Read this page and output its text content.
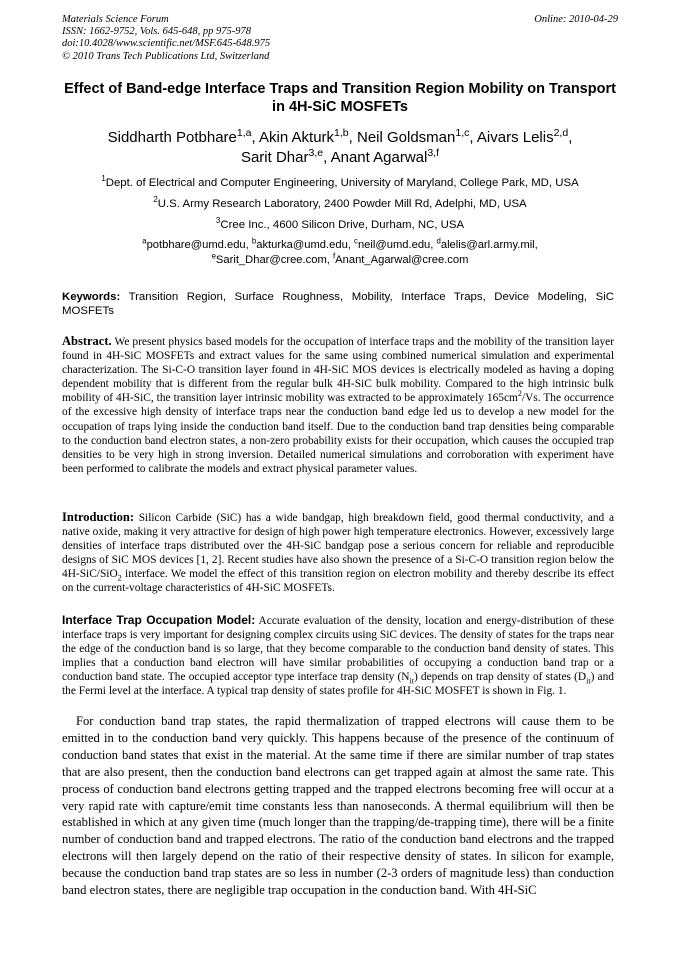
Materials Science Forum
ISSN: 1662-9752, Vols. 645-648, pp 975-978
doi:10.4028/www.scientific.net/MSF.645-648.975
© 2010 Trans Tech Publications Ltd, Switzerland
Online: 2010-04-29
Effect of Band-edge Interface Traps and Transition Region Mobility on Transport in 4H-SiC MOSFETs
Siddharth Potbhare$^{1,a}$, Akin Akturk$^{1,b}$, Neil Goldsman$^{1,c}$, Aivars Lelis$^{2,d}$,
Sarit Dhar$^{3,e}$, Anant Agarwal$^{3,f}$
$^1$Dept. of Electrical and Computer Engineering, University of Maryland, College Park, MD, USA
$^2$U.S. Army Research Laboratory, 2400 Powder Mill Rd, Adelphi, MD, USA
$^3$Cree Inc., 4600 Silicon Drive, Durham, NC, USA
$^a$potbhare@umd.edu, $^b$akturka@umd.edu, $^c$neil@umd.edu, $^d$alelis@arl.army.mil,
$^e$Sarit_Dhar@cree.com, $^f$Anant_Agarwal@cree.com
Keywords: Transition Region, Surface Roughness, Mobility, Interface Traps, Device Modeling, SiC MOSFETs

Abstract. We present physics based models for the occupation of interface traps and the mobility of the transition layer found in 4H-SiC MOSFETs and extract values for the same using combined numerical simulation and experimental characterization. The Si-C-O transition layer found in 4H-SiC MOS devices is electrically modeled as having a doping dependent mobility that is different from the regular bulk 4H-SiC bulk mobility. Compared to the high intrinsic bulk mobility of 4H-SiC, the transition layer intrinsic mobility was extracted to be approximately $165cm^2/Vs$. The occurrence of the excessive high density of interface traps near the conduction band edge led us to develop a new model for the occupation of traps lying inside the conduction band itself. Due to the conduction band trap densities being comparable to the conduction band electron states, a non-zero probability exists for their occupation, which causes the occupied trap densities to be very high in strong inversion. Detailed numerical simulations and corroboration with experiment have been performed to calibrate the models and extract physical parameter values.

Introduction: Silicon Carbide (SiC) has a wide bandgap, high breakdown field, good thermal conductivity, and a native oxide, making it very attractive for design of high power high temperature electronics. However, excessively large densities of interface traps distributed over the 4H-SiC bandgap pose a serious concern for reliable and reproducible designs of SiC MOS devices [1, 2]. Recent studies have also shown the presence of a Si-C-O transition region below the 4H-SiC/SiO$_2$ interface. We model the effect of this transition region on electron mobility and thereby describe its effect on the current-voltage characteristics of 4H-SiC MOSFETs.

Interface Trap Occupation Model: Accurate evaluation of the density, location and energy-distribution of these interface traps is very important for designing complex circuits using SiC devices. The density of states for the traps near the edge of the conduction band is so large, that they become comparable to the conduction band density of states. This implies that a conduction band electron will have similar probabilities of occupying a conduction band trap or a conduction band state. The occupied acceptor type interface trap density $(N_{it})$ depends on trap density of states $(D_{it})$ and the Fermi level at the interface. A typical trap density of states profile for 4H-SiC MOSFET is shown in Fig. 1.

For conduction band trap states, the rapid thermalization of trapped electrons will cause them to be emitted in to the conduction band very quickly. This happens because of the presence of the continuum of conduction band states that exist in the material. At the same time if there are similar number of trap states that are also present, then the conduction band electrons can get trapped again at almost the same rate. This process of conduction band electrons getting trapped and the trapped electrons becoming free will occur at a very rapid rate with capture/emit time constants less than nanoseconds. A thermal equilibrium will then be established in which at any given time (much longer than the trapping/de-trapping time), there will be a finite number of conduction band and trapped electrons. The ratio of the conduction band electrons and the trapped electrons will then largely depend on the ratio of their respective density of states. In silicon for example, because the conduction band trap states are so less in number (2-3 orders of magnitude less) than conduction band electron states, there are negligible trap occupation in the conduction band. With 4H-SiC
